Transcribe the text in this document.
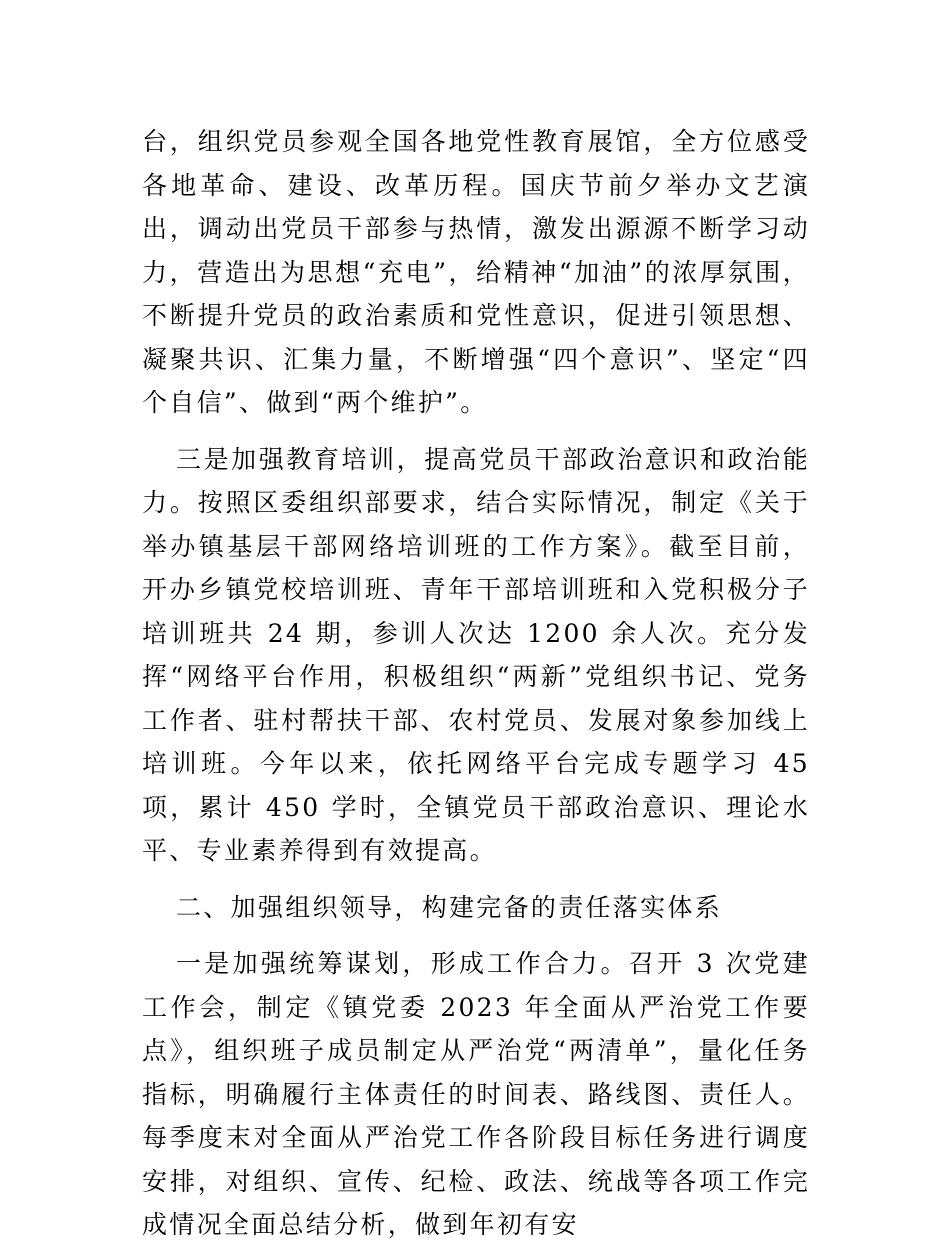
台，组织党员参观全国各地党性教育展馆，全方位感受各地革命、建设、改革历程。国庆节前夕举办文艺演出，调动出党员干部参与热情，激发出源源不断学习动力，营造出为思想“充电”，给精神“加油”的浓厚氛围，不断提升党员的政治素质和党性意识，促进引领思想、凝聚共识、汇集力量，不断增强“四个意识”、坚定“四个自信”、做到“两个维护”。

三是加强教育培训，提高党员干部政治意识和政治能力。按照区委组织部要求，结合实际情况，制定《关于举办镇基层干部网络培训班的工作方案》。截至目前，开办乡镇党校培训班、青年干部培训班和入党积极分子培训班共 24 期，参训人次达 1200 余人次。充分发挥“网络平台作用，积极组织“两新”党组织书记、党务工作者、驻村帮扶干部、农村党员、发展对象参加线上培训班。今年以来，依托网络平台完成专题学习 45 项，累计 450 学时，全镇党员干部政治意识、理论水平、专业素养得到有效提高。

二、加强组织领导，构建完备的责任落实体系

一是加强统筹谋划，形成工作合力。召开 3 次党建工作会，制定《镇党委 2023 年全面从严治党工作要点》，组织班子成员制定从严治党“两清单”，量化任务指标，明确履行主体责任的时间表、路线图、责任人。每季度末对全面从严治党工作各阶段目标任务进行调度安排，对组织、宣传、纪检、政法、统战等各项工作完成情况全面总结分析，做到年初有安
